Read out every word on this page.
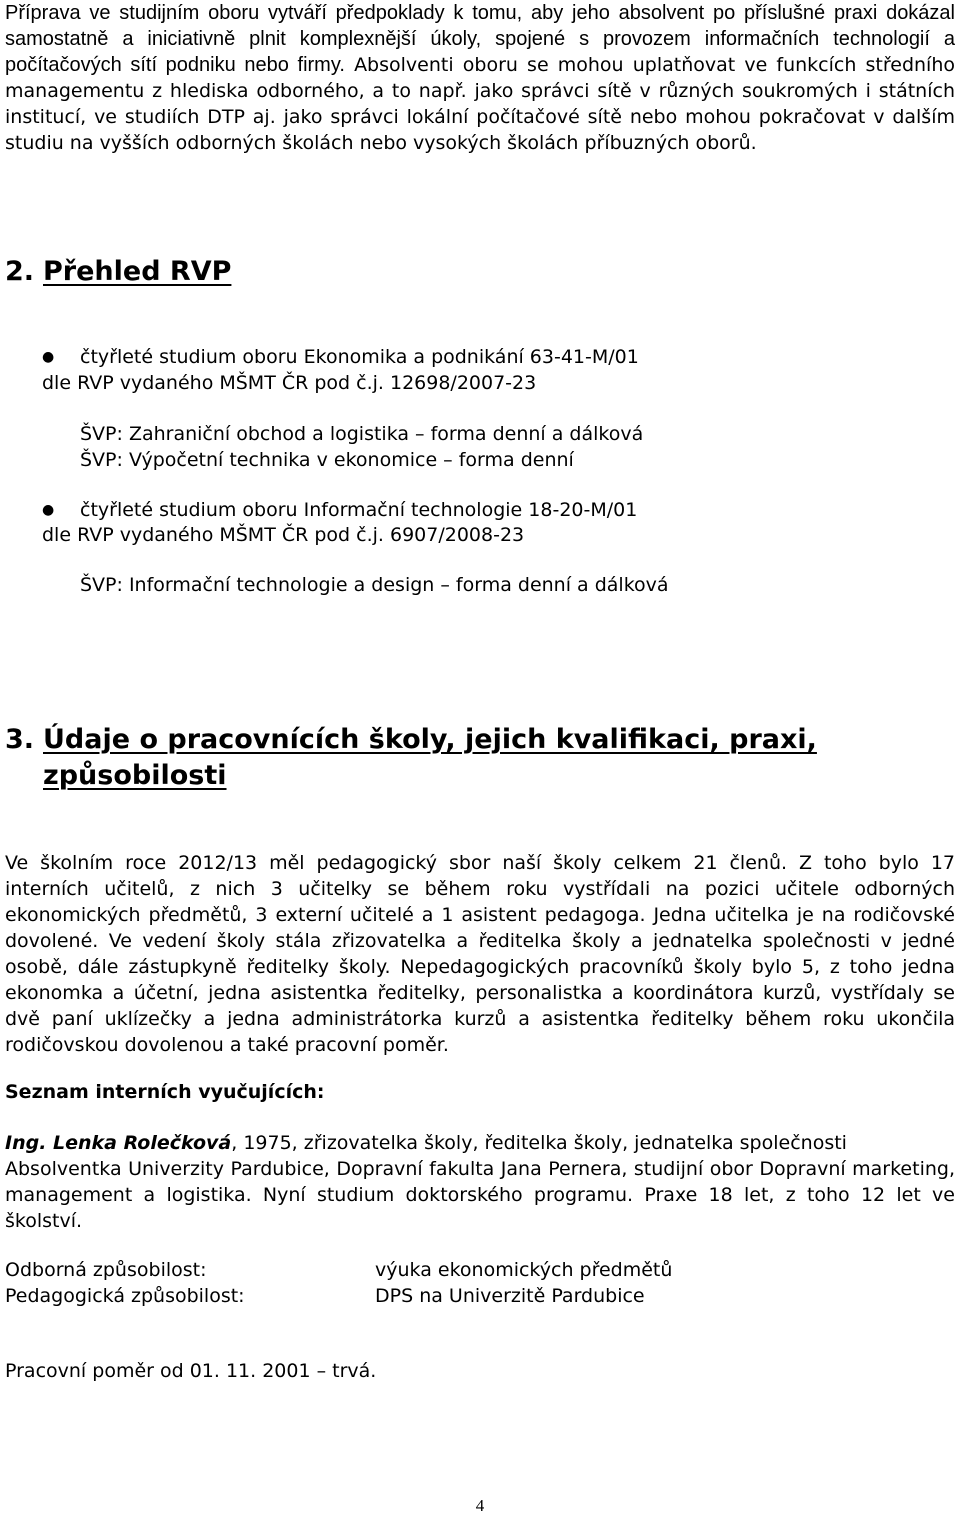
Příprava ve studijním oboru vytváří předpoklady k tomu, aby jeho absolvent po příslušné praxi dokázal samostatně a iniciativně plnit komplexnější úkoly, spojené s provozem informačních technologií a počítačových sítí podniku nebo firmy. Absolventi oboru se mohou uplatňovat ve funkcích středního managementu z hlediska odborného, a to např. jako správci sítě v různých soukromých i státních institucí, ve studiích DTP aj. jako správci lokální počítačové sítě nebo mohou pokračovat v dalším studiu na vyšších odborných školách nebo vysokých školách příbuzných oborů.

2. Přehled RVP
● čtyřleté studium oboru Ekonomika a podnikání 63-41-M/01
dle RVP vydaného MŠMT ČR pod č.j. 12698/2007-23
ŠVP: Zahraniční obchod a logistika – forma denní a dálková
ŠVP: Výpočetní technika v ekonomice – forma denní
● čtyřleté studium oboru Informační technologie 18-20-M/01
dle RVP vydaného MŠMT ČR pod č.j. 6907/2008-23
ŠVP: Informační technologie a design – forma denní a dálková
3. Údaje o pracovnících školy, jejich kvalifikaci, praxi,
způsobilosti

Ve školním roce 2012/13 měl pedagogický sbor naší školy celkem 21 členů. Z toho bylo 17 interních učitelů, z nich 3 učitelky se během roku vystřídali na pozici učitele odborných ekonomických předmětů, 3 externí učitelé a 1 asistent pedagoga. Jedna učitelka je na rodičovské dovolené. Ve vedení školy stála zřizovatelka a ředitelka školy a jednatelka společnosti v jedné osobě, dále zástupkyně ředitelky školy. Nepedagogických pracovníků školy bylo 5, z toho jedna ekonomka a účetní, jedna asistentka ředitelky, personalistka a koordinátora kurzů, vystřídaly se dvě paní uklízečky a jedna administrátorka kurzů a asistentka ředitelky během roku ukončila rodičovskou dovolenou a také pracovní poměr.

Seznam interních vyučujících:
Ing. Lenka Rolečková, 1975, zřizovatelka školy, ředitelka školy, jednatelka společnosti

Absolventka Univerzity Pardubice, Dopravní fakulta Jana Pernera, studijní obor Dopravní marketing, management a logistika. Nyní studium doktorského programu. Praxe 18 let, z toho 12 let ve školství.

Odborná způsobilost:	výuka ekonomických předmětů
Pedagogická způsobilost:	DPS na Univerzitě Pardubice
Pracovní poměr od 01. 11. 2001 – trvá.
4
